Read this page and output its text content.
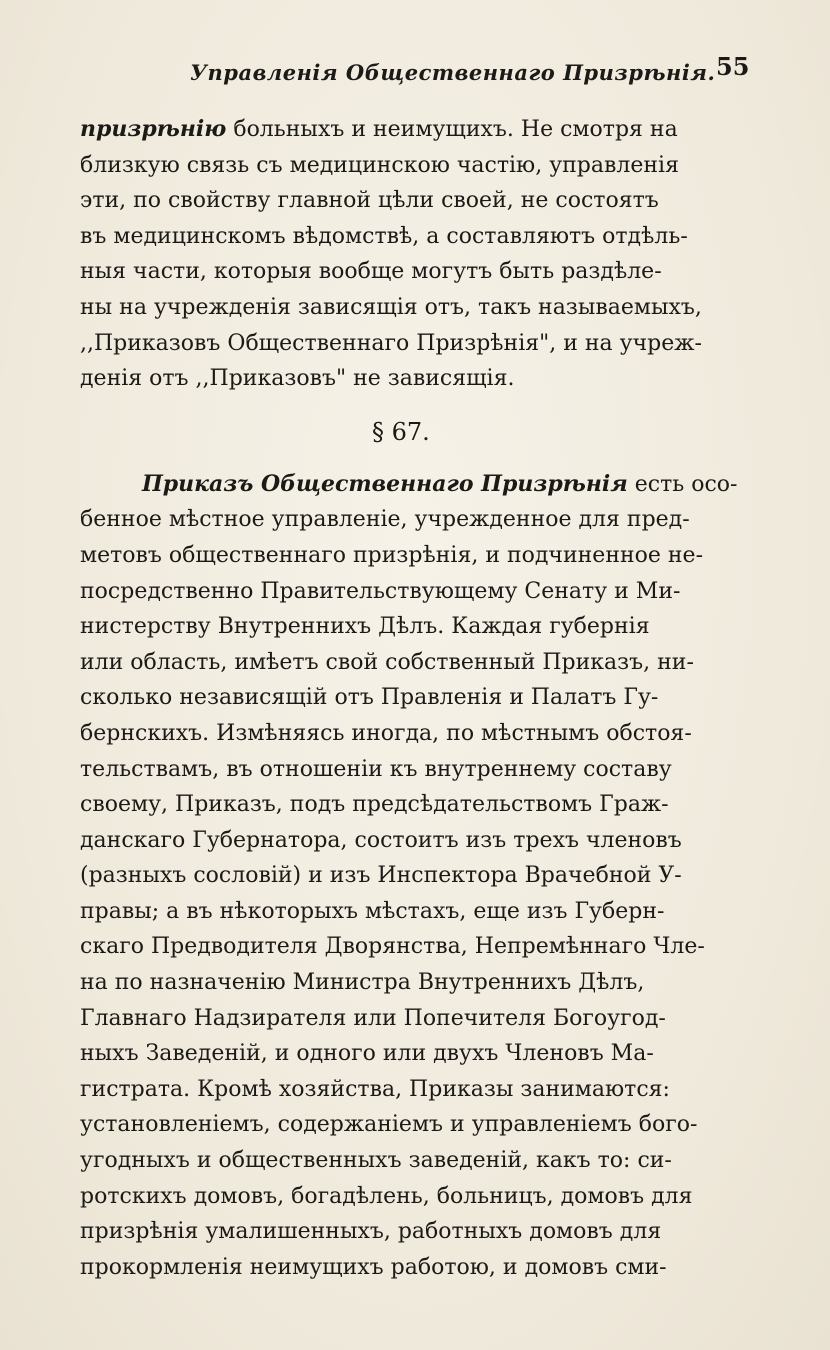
Управленія Общественнаго Призрѣнія. 55
призрѣнію больныхъ и неимущихъ. Не смотря на
близкую связь съ медицинскою частію, управленія
эти, по свойству главной цѣли своей, не состоятъ
въ медицинскомъ вѣдомствѣ, а составляютъ отдѣль-
ныя части, которыя вообще могутъ быть раздѣле-
ны на учрежденія зависящія отъ, такъ называемыхъ,
,,Приказовъ Общественнаго Призрѣнія", и на учреж-
денія отъ ,,Приказовъ" не зависящія.
§ 67.
Приказъ Общественнаго Призрѣнія есть осо-
бенное мѣстное управленіе, учрежденное для пред-
метовъ общественнаго призрѣнія, и подчиненное не-
посредственно Правительствующему Сенату и Ми-
нистерству Внутреннихъ Дѣлъ. Каждая губернія
или область, имѣетъ свой собственный Приказъ, ни-
сколько независящій отъ Правленія и Палатъ Гу-
бернскихъ. Измѣняясь иногда, по мѣстнымъ обстоя-
тельствамъ, въ отношеніи къ внутреннему составу
своему, Приказъ, подъ предсѣдательствомъ Граж-
данскаго Губернатора, состоитъ изъ трехъ членовъ
(разныхъ сословій) и изъ Инспектора Врачебной У-
правы; а въ нѣкоторыхъ мѣстахъ, еще изъ Губерн-
скаго Предводителя Дворянства, Непремѣннаго Чле-
на по назначенію Министра Внутреннихъ Дѣлъ,
Главнаго Надзирателя или Попечителя Богоугод-
ныхъ Заведеній, и одного или двухъ Членовъ Ма-
гистрата. Кромѣ хозяйства, Приказы занимаются:
установленіемъ, содержаніемъ и управленіемъ бого-
угодныхъ и общественныхъ заведеній, какъ то: си-
ротскихъ домовъ, богадѣлень, больницъ, домовъ для
призрѣнія умалишенныхъ, работныхъ домовъ для
прокормленія неимущихъ работою, и домовъ сми-
